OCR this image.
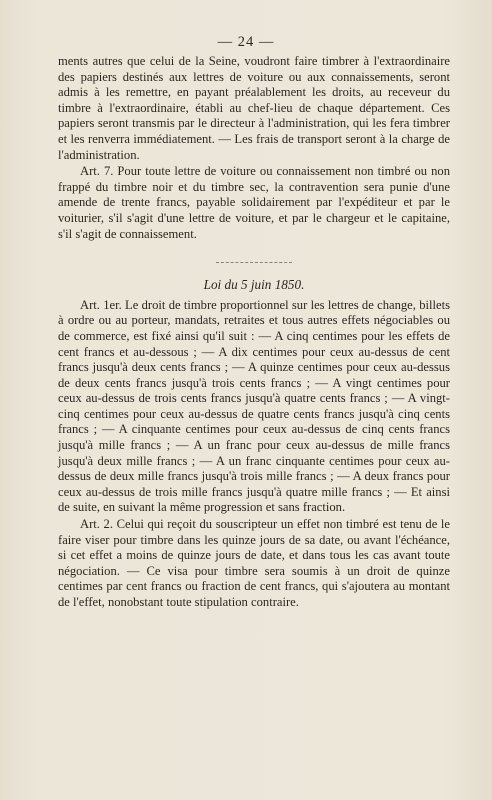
— 24 —

ments autres que celui de la Seine, voudront faire timbrer à l'extraordinaire des papiers destinés aux lettres de voiture ou aux connaissements, seront admis à les remettre, en payant préalablement les droits, au receveur du timbre à l'extraordinaire, établi au chef-lieu de chaque département. Ces papiers seront transmis par le directeur à l'administration, qui les fera timbrer et les renverra immédiatement. — Les frais de transport seront à la charge de l'administration.

Art. 7. Pour toute lettre de voiture ou connaissement non timbré ou non frappé du timbre noir et du timbre sec, la contravention sera punie d'une amende de trente francs, payable solidairement par l'expéditeur et par le voiturier, s'il s'agit d'une lettre de voiture, et par le chargeur et le capitaine, s'il s'agit de connaissement.

Loi du 5 juin 1850.

Art. 1er. Le droit de timbre proportionnel sur les lettres de change, billets à ordre ou au porteur, mandats, retraites et tous autres effets négociables ou de commerce, est fixé ainsi qu'il suit : — A cinq centimes pour les effets de cent francs et au-dessous ; — A dix centimes pour ceux au-dessus de cent francs jusqu'à deux cents francs ; — A quinze centimes pour ceux au-dessus de deux cents francs jusqu'à trois cents francs ; — A vingt centimes pour ceux au-dessus de trois cents francs jusqu'à quatre cents francs ; — A vingt-cinq centimes pour ceux au-dessus de quatre cents francs jusqu'à cinq cents francs ; — A cinquante centimes pour ceux au-dessus de cinq cents francs jusqu'à mille francs ; — A un franc pour ceux au-dessus de mille francs jusqu'à deux mille francs ; — A un franc cinquante centimes pour ceux au-dessus de deux mille francs jusqu'à trois mille francs ; — A deux francs pour ceux au-dessus de trois mille francs jusqu'à quatre mille francs ; — Et ainsi de suite, en suivant la même progression et sans fraction.

Art. 2. Celui qui reçoit du souscripteur un effet non timbré est tenu de le faire viser pour timbre dans les quinze jours de sa date, ou avant l'échéance, si cet effet a moins de quinze jours de date, et dans tous les cas avant toute négociation. — Ce visa pour timbre sera soumis à un droit de quinze centimes par cent francs ou fraction de cent francs, qui s'ajoutera au montant de l'effet, nonobstant toute stipulation contraire.
